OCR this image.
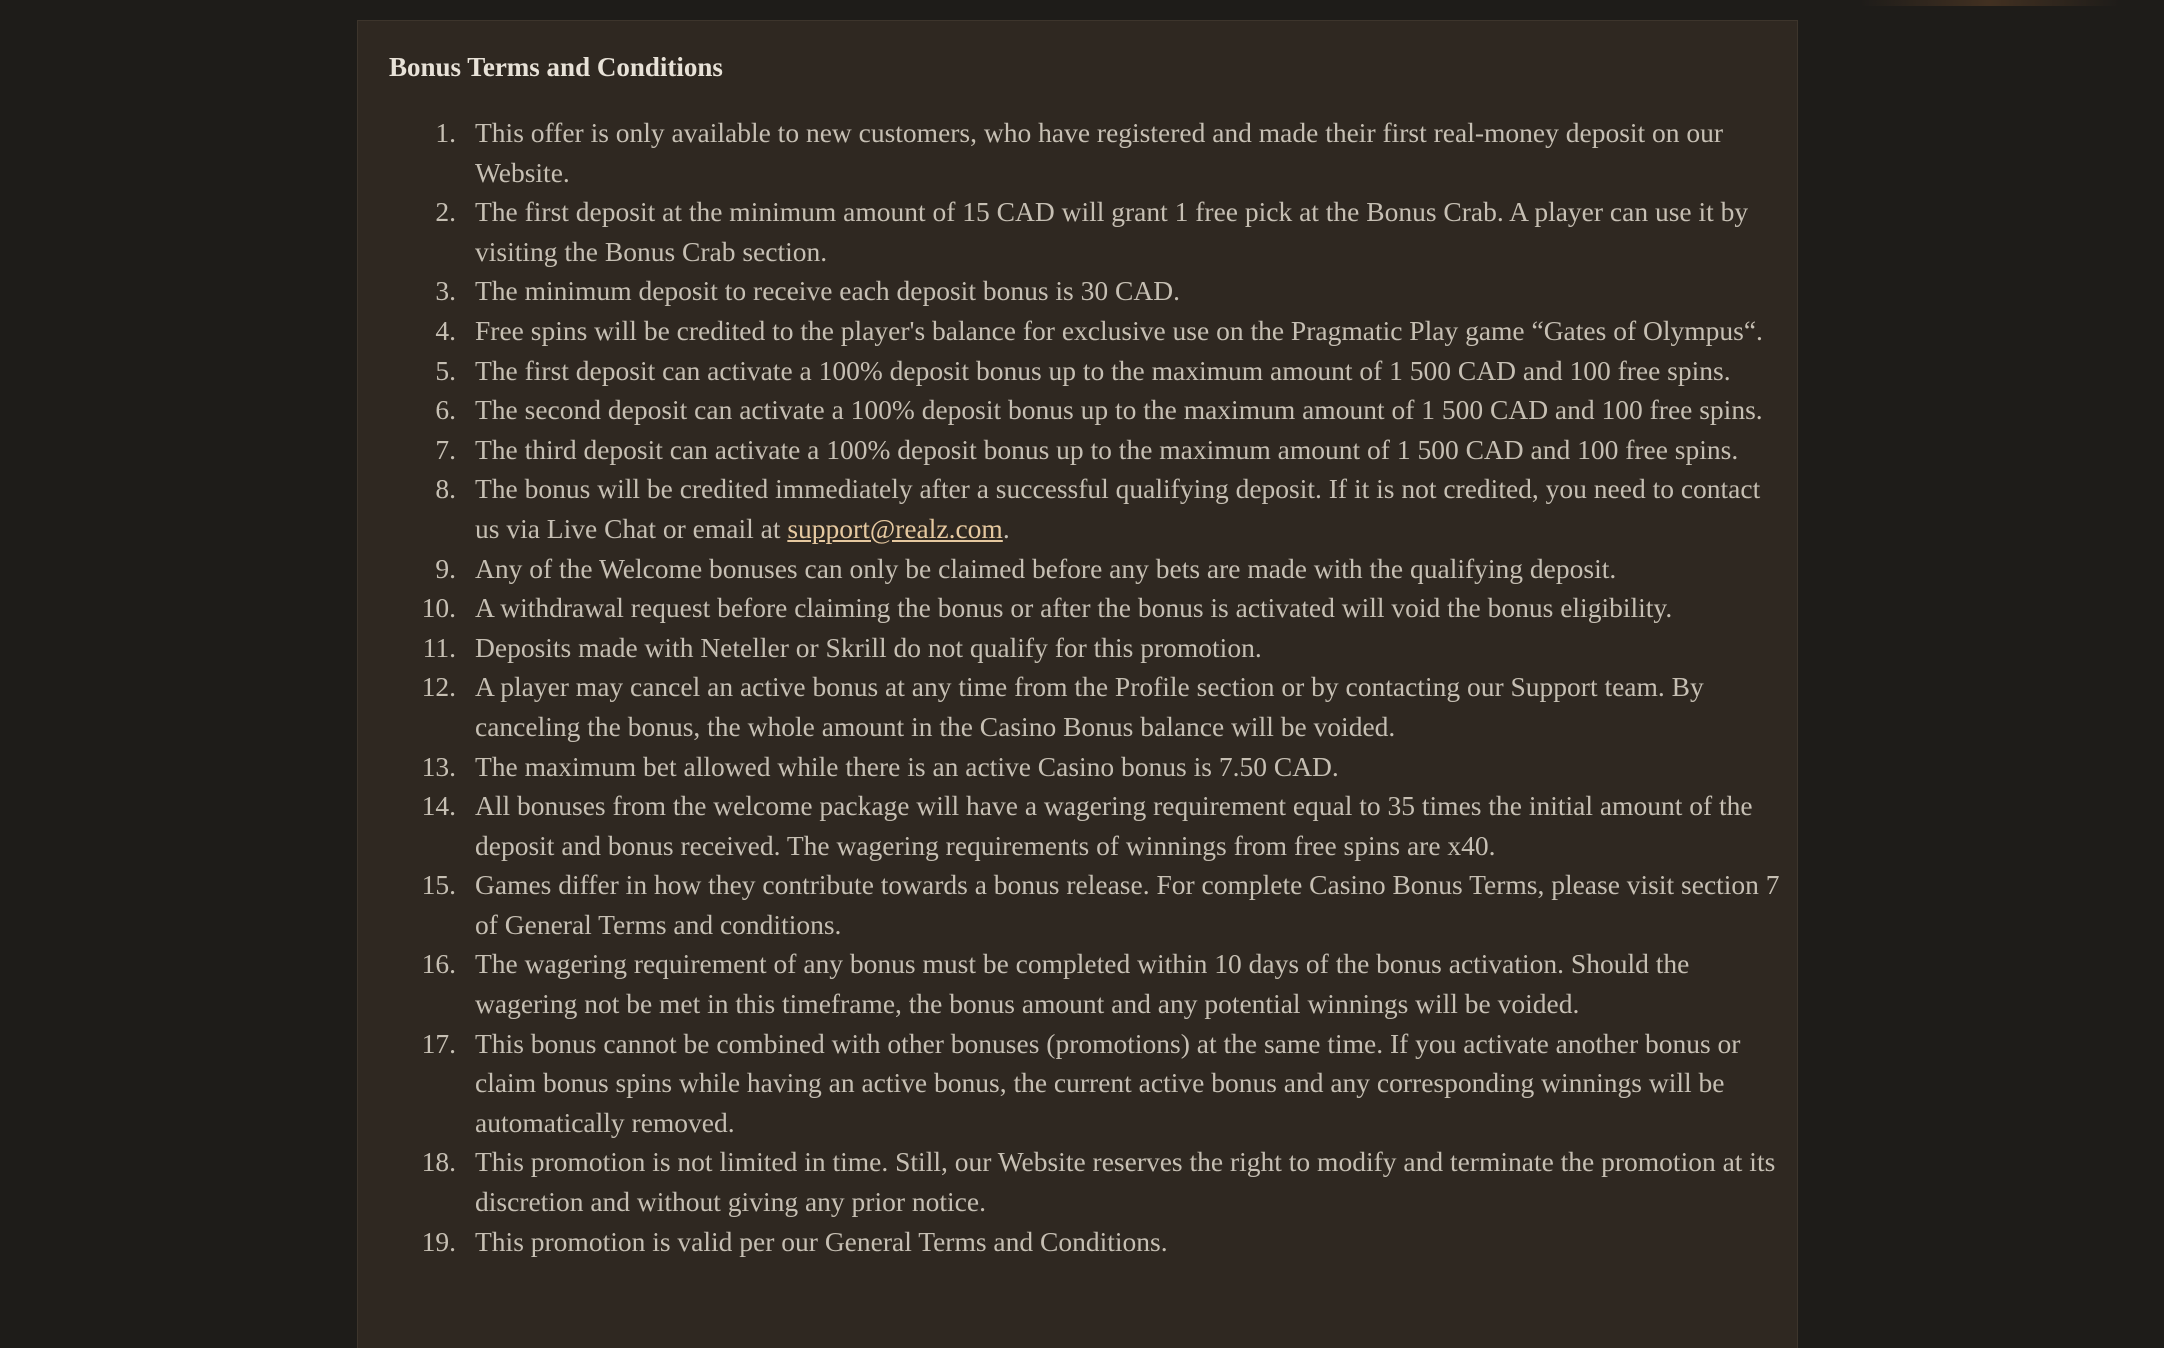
Bonus Terms and Conditions
1. This offer is only available to new customers, who have registered and made their first real-money deposit on our Website.
2. The first deposit at the minimum amount of 15 CAD will grant 1 free pick at the Bonus Crab. A player can use it by visiting the Bonus Crab section.
3. The minimum deposit to receive each deposit bonus is 30 CAD.
4. Free spins will be credited to the player's balance for exclusive use on the Pragmatic Play game “Gates of Olympus“.
5. The first deposit can activate a 100% deposit bonus up to the maximum amount of 1 500 CAD and 100 free spins.
6. The second deposit can activate a 100% deposit bonus up to the maximum amount of 1 500 CAD and 100 free spins.
7. The third deposit can activate a 100% deposit bonus up to the maximum amount of 1 500 CAD and 100 free spins.
8. The bonus will be credited immediately after a successful qualifying deposit. If it is not credited, you need to contact us via Live Chat or email at support@realz.com.
9. Any of the Welcome bonuses can only be claimed before any bets are made with the qualifying deposit.
10. A withdrawal request before claiming the bonus or after the bonus is activated will void the bonus eligibility.
11. Deposits made with Neteller or Skrill do not qualify for this promotion.
12. A player may cancel an active bonus at any time from the Profile section or by contacting our Support team. By canceling the bonus, the whole amount in the Casino Bonus balance will be voided.
13. The maximum bet allowed while there is an active Casino bonus is 7.50 CAD.
14. All bonuses from the welcome package will have a wagering requirement equal to 35 times the initial amount of the deposit and bonus received. The wagering requirements of winnings from free spins are x40.
15. Games differ in how they contribute towards a bonus release. For complete Casino Bonus Terms, please visit section 7 of General Terms and conditions.
16. The wagering requirement of any bonus must be completed within 10 days of the bonus activation. Should the wagering not be met in this timeframe, the bonus amount and any potential winnings will be voided.
17. This bonus cannot be combined with other bonuses (promotions) at the same time. If you activate another bonus or claim bonus spins while having an active bonus, the current active bonus and any corresponding winnings will be automatically removed.
18. This promotion is not limited in time. Still, our Website reserves the right to modify and terminate the promotion at its discretion and without giving any prior notice.
19. This promotion is valid per our General Terms and Conditions.
